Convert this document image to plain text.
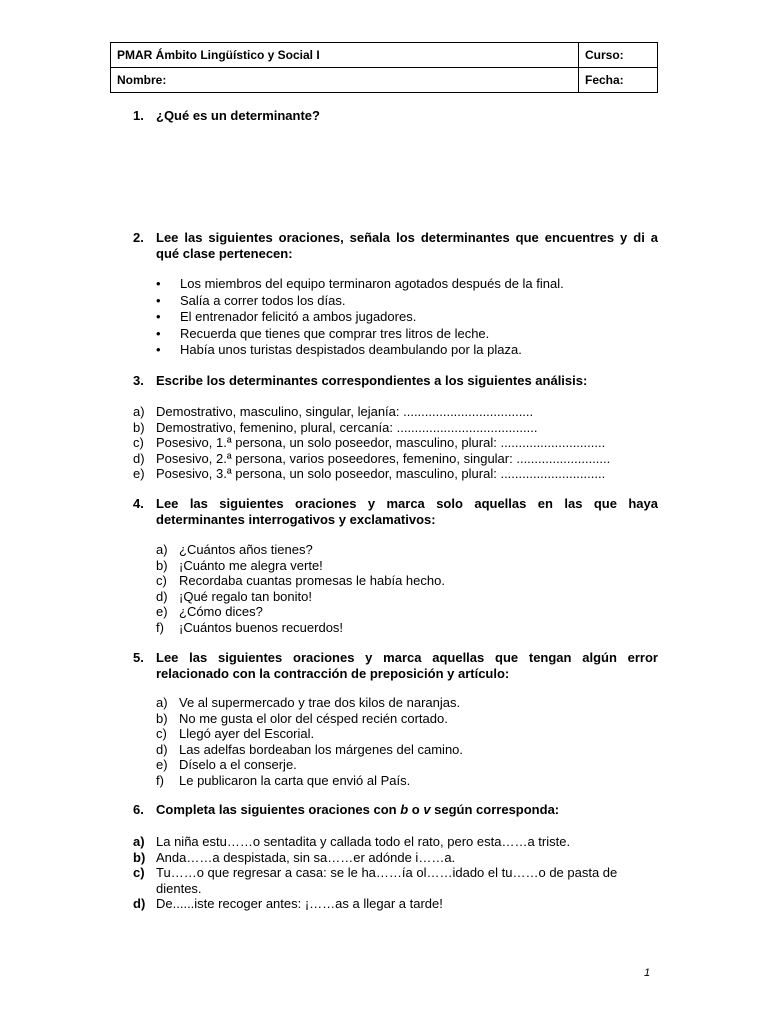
PMAR Ámbito Lingüístico y Social I	Curso:
Nombre:	Fecha:
1. ¿Qué es un determinante?
2. Lee las siguientes oraciones, señala los determinantes que encuentres y di a qué clase pertenecen:
• Los miembros del equipo terminaron agotados después de la final.
• Salía a correr todos los días.
• El entrenador felicitó a ambos jugadores.
• Recuerda que tienes que comprar tres litros de leche.
• Había unos turistas despistados deambulando por la plaza.
3. Escribe los determinantes correspondientes a los siguientes análisis:
a) Demostrativo, masculino, singular, lejanía: ....................................
b) Demostrativo, femenino, plural, cercanía: .......................................
c) Posesivo, 1.ª persona, un solo poseedor, masculino, plural: .............................
d) Posesivo, 2.ª persona, varios poseedores, femenino, singular: ..........................
e) Posesivo, 3.ª persona, un solo poseedor, masculino, plural: .............................
4. Lee las siguientes oraciones y marca solo aquellas en las que haya determinantes interrogativos y exclamativos:
a) ¿Cuántos años tienes?
b) ¡Cuánto me alegra verte!
c) Recordaba cuantas promesas le había hecho.
d) ¡Qué regalo tan bonito!
e) ¿Cómo dices?
f) ¡Cuántos buenos recuerdos!
5. Lee las siguientes oraciones y marca aquellas que tengan algún error relacionado con la contracción de preposición y artículo:
a) Ve al supermercado y trae dos kilos de naranjas.
b) No me gusta el olor del césped recién cortado.
c) Llegó ayer del Escorial.
d) Las adelfas bordeaban los márgenes del camino.
e) Díselo a el conserje.
f) Le publicaron la carta que envió al País.
6. Completa las siguientes oraciones con b o v según corresponda:
a) La niña estu……o sentadita y callada todo el rato, pero esta……a triste.
b) Anda……a despistada, sin sa……er adónde i……a.
c) Tu……o que regresar a casa: se le ha……ía ol……idado el tu……o de pasta de dientes.
d) De......iste recoger antes: ¡……as a llegar a tarde!
1
